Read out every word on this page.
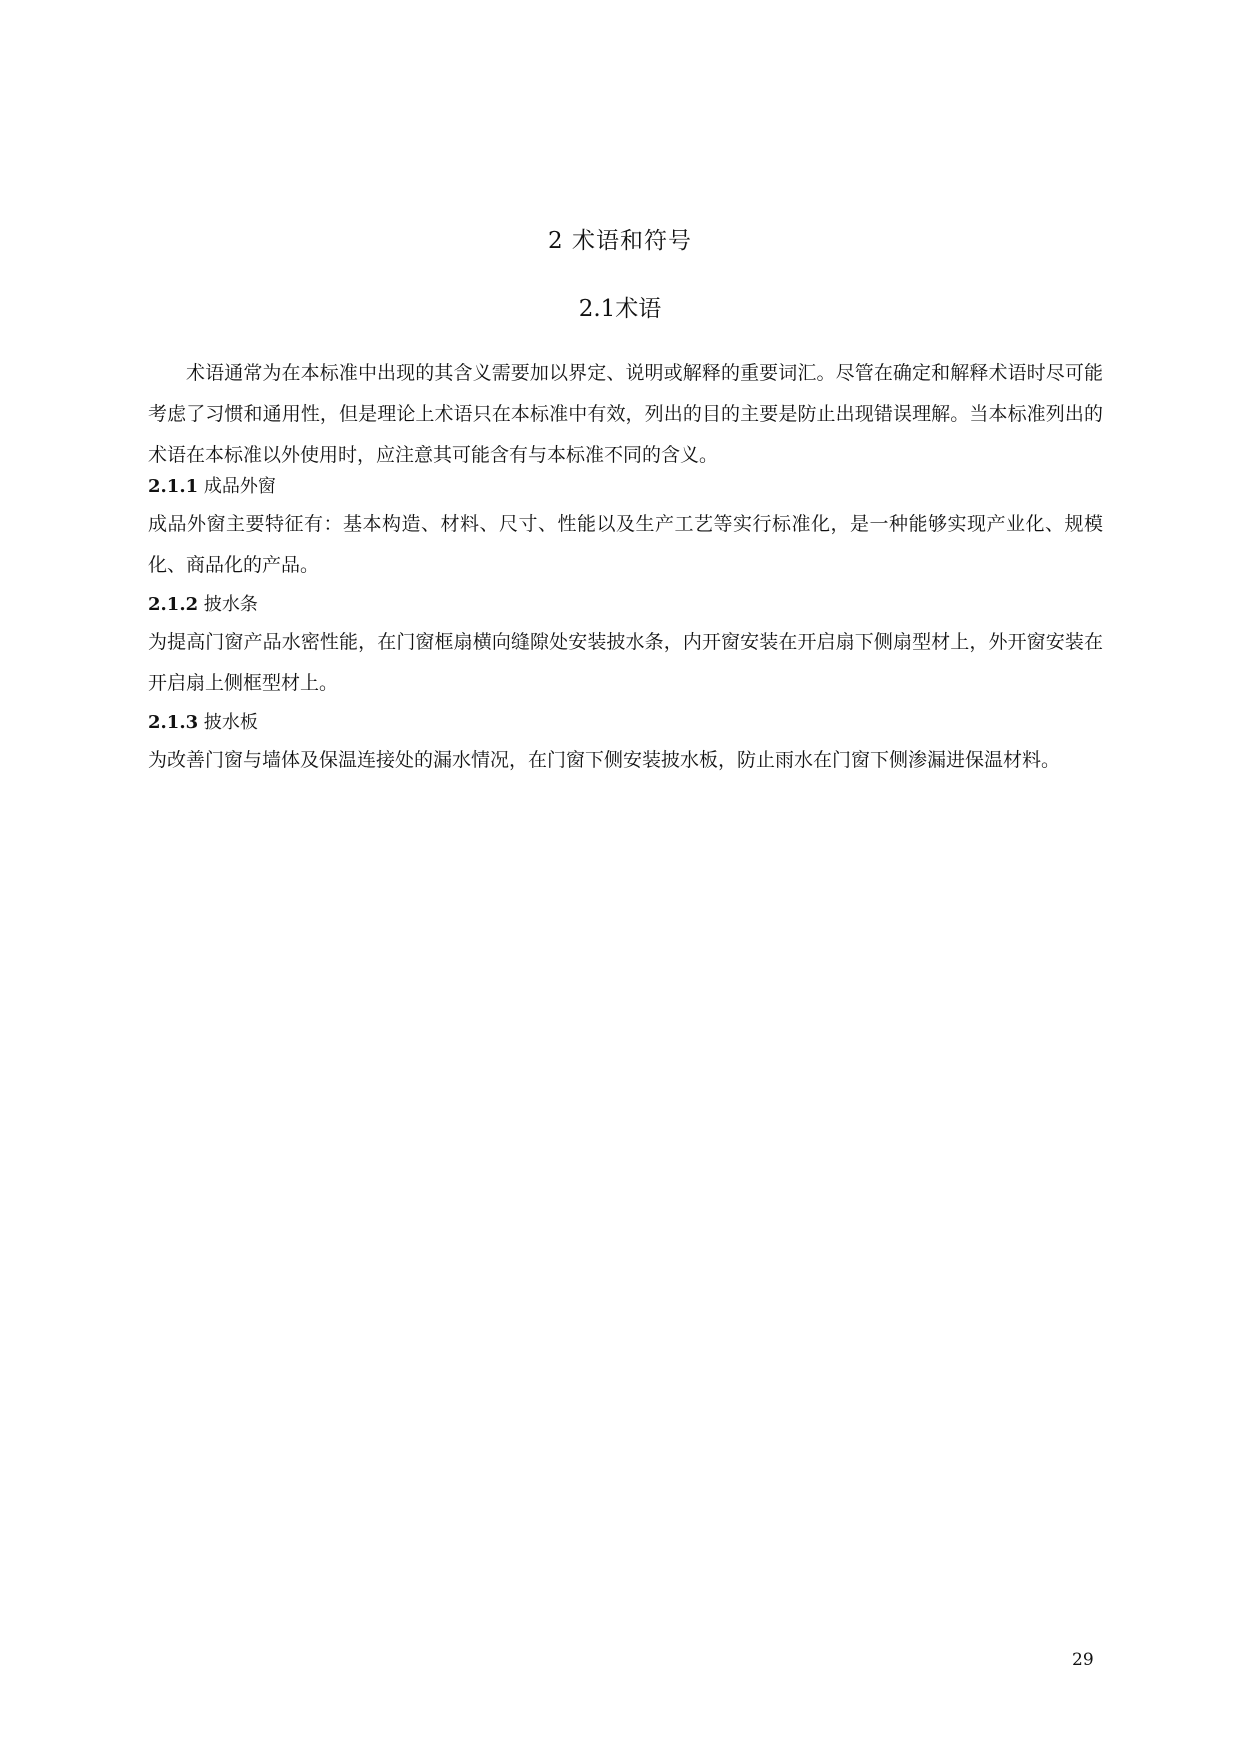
2 术语和符号
2.1术语

术语通常为在本标准中出现的其含义需要加以界定、说明或解释的重要词汇。尽管在确定和解释术语时尽可能考虑了习惯和通用性，但是理论上术语只在本标准中有效，列出的目的主要是防止出现错误理解。当本标准列出的术语在本标准以外使用时，应注意其可能含有与本标准不同的含义。

2.1.1 成品外窗

成品外窗主要特征有：基本构造、材料、尺寸、性能以及生产工艺等实行标准化，是一种能够实现产业化、规模化、商品化的产品。

2.1.2 披水条

为提高门窗产品水密性能，在门窗框扇横向缝隙处安装披水条，内开窗安装在开启扇下侧扇型材上，外开窗安装在开启扇上侧框型材上。

2.1.3 披水板

为改善门窗与墙体及保温连接处的漏水情况，在门窗下侧安装披水板，防止雨水在门窗下侧渗漏进保温材料。

29
